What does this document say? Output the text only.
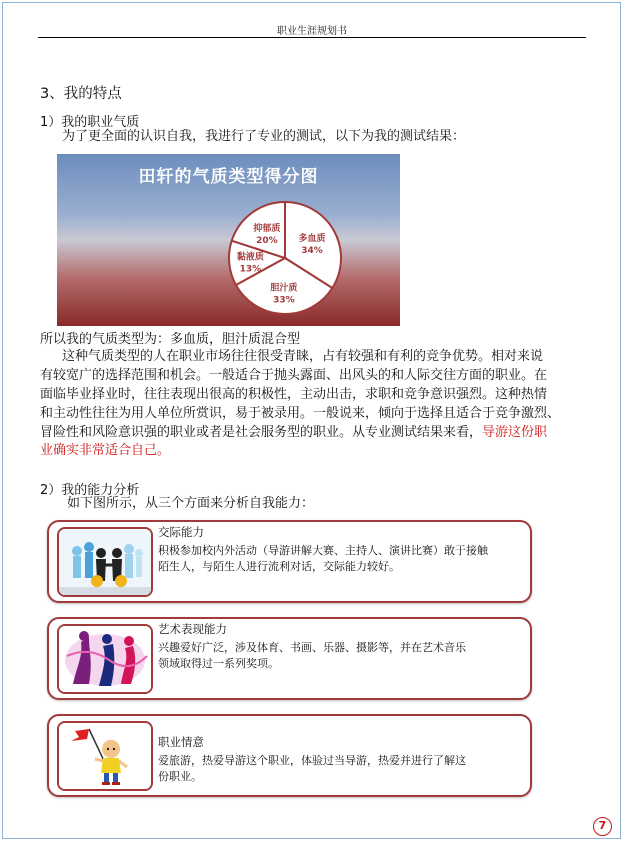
职业生涯规划书
3、我的特点
1）我的职业气质
为了更全面的认识自我，我进行了专业的测试，以下为我的测试结果：
田轩的气质类型得分图
多血质
34%
胆汁质
33%
黏液质
13%
抑郁质
20%
所以我的气质类型为：多血质，胆汁质混合型
这种气质类型的人在职业市场往往很受青睐，占有较强和有利的竞争优势。相对来说
有较宽广的选择范围和机会。一般适合于抛头露面、出风头的和人际交往方面的职业。在
面临毕业择业时，往往表现出很高的积极性，主动出击，求职和竞争意识强烈。这种热情
和主动性往往为用人单位所赏识，易于被录用。一般说来，倾向于选择且适合于竞争激烈、
冒险性和风险意识强的职业或者是社会服务型的职业。从专业测试结果来看，导游这份职
业确实非常适合自己。
2）我的能力分析
如下图所示，从三个方面来分析自我能力：
交际能力
积极参加校内外活动（导游讲解大赛、主持人、演讲比赛）敢于接触
陌生人，与陌生人进行流利对话，交际能力较好。
艺术表现能力
兴趣爱好广泛，涉及体育、书画、乐器、摄影等，并在艺术音乐
领域取得过一系列奖项。
职业情意
爱旅游，热爱导游这个职业，体验过当导游，热爱并进行了解这
份职业。
7
